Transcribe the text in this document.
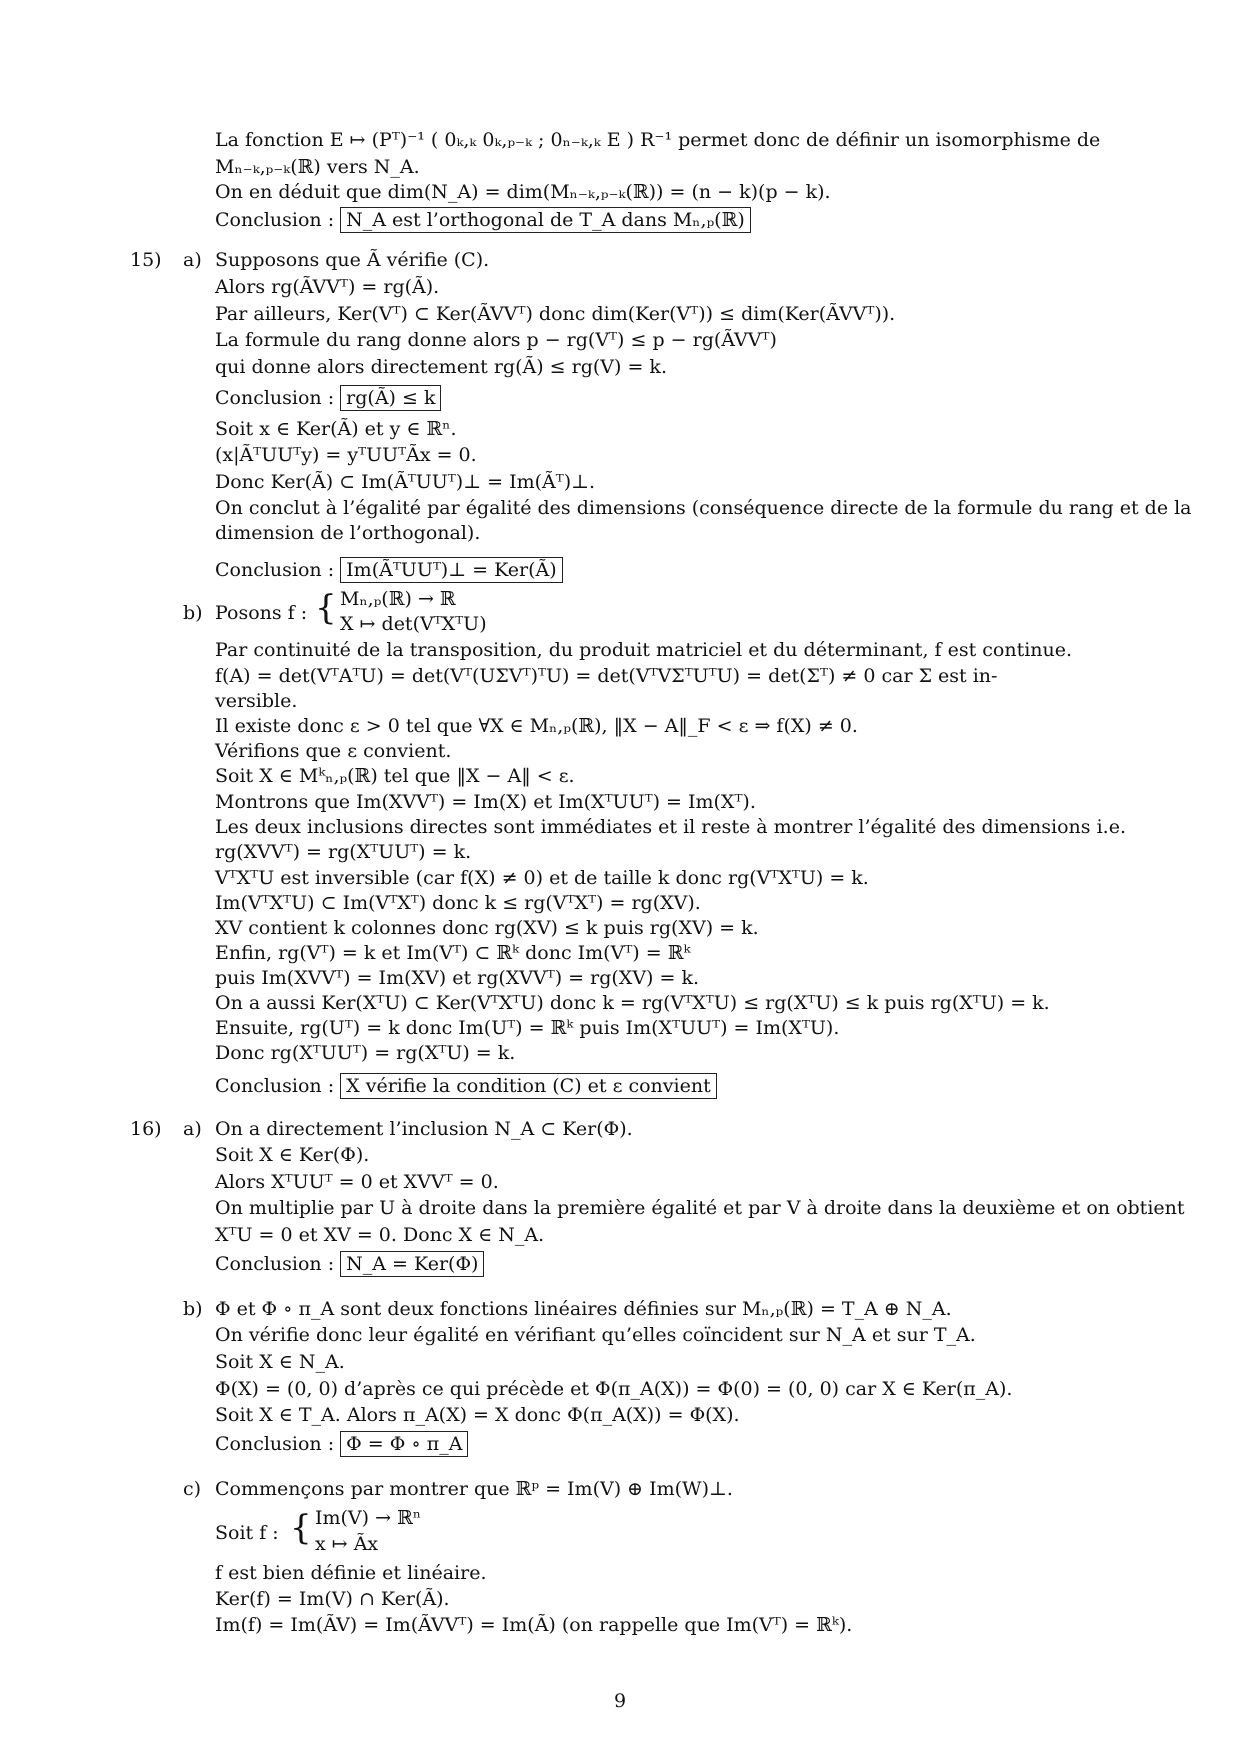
La fonction E ↦ (Pᵀ)⁻¹ ( 0ₖ,ₖ 0ₖ,ₚ₋ₖ ; 0ₙ₋ₖ,ₖ E ) R⁻¹ permet donc de définir un isomorphisme de
Mₙ₋ₖ,ₚ₋ₖ(ℝ) vers N_A.
On en déduit que dim(N_A) = dim(Mₙ₋ₖ,ₚ₋ₖ(ℝ)) = (n − k)(p − k).
Conclusion : N_A est l’orthogonal de T_A dans Mₙ,ₚ(ℝ)
15) a) Supposons que Ã vérifie (C).
Alors rg(ÃVVᵀ) = rg(Ã).
Par ailleurs, Ker(Vᵀ) ⊂ Ker(ÃVVᵀ) donc dim(Ker(Vᵀ)) ≤ dim(Ker(ÃVVᵀ)).
La formule du rang donne alors p − rg(Vᵀ) ≤ p − rg(ÃVVᵀ)
qui donne alors directement rg(Ã) ≤ rg(V) = k.
Conclusion : rg(Ã) ≤ k
Soit x ∈ Ker(Ã) et y ∈ ℝⁿ.
(x|ÃᵀUUᵀy) = yᵀUUᵀÃx = 0.
Donc Ker(Ã) ⊂ Im(ÃᵀUUᵀ)⊥ = Im(Ãᵀ)⊥.
On conclut à l’égalité par égalité des dimensions (conséquence directe de la formule du rang et de la
dimension de l’orthogonal).
Conclusion : Im(ÃᵀUUᵀ)⊥ = Ker(Ã)
b) Posons f : { Mₙ,ₚ(ℝ) → ℝ
X ↦ det(VᵀXᵀU)
Par continuité de la transposition, du produit matriciel et du déterminant, f est continue.
f(A) = det(VᵀAᵀU) = det(Vᵀ(UΣVᵀ)ᵀU) = det(VᵀVΣᵀUᵀU) = det(Σᵀ) ≠ 0 car Σ est in-
versible.
Il existe donc ε > 0 tel que ∀X ∈ Mₙ,ₚ(ℝ), ‖X − A‖_F < ε ⇒ f(X) ≠ 0.
Vérifions que ε convient.
Soit X ∈ Mᵏₙ,ₚ(ℝ) tel que ‖X − A‖ < ε.
Montrons que Im(XVVᵀ) = Im(X) et Im(XᵀUUᵀ) = Im(Xᵀ).
Les deux inclusions directes sont immédiates et il reste à montrer l’égalité des dimensions i.e.
rg(XVVᵀ) = rg(XᵀUUᵀ) = k.
VᵀXᵀU est inversible (car f(X) ≠ 0) et de taille k donc rg(VᵀXᵀU) = k.
Im(VᵀXᵀU) ⊂ Im(VᵀXᵀ) donc k ≤ rg(VᵀXᵀ) = rg(XV).
XV contient k colonnes donc rg(XV) ≤ k puis rg(XV) = k.
Enfin, rg(Vᵀ) = k et Im(Vᵀ) ⊂ ℝᵏ donc Im(Vᵀ) = ℝᵏ
puis Im(XVVᵀ) = Im(XV) et rg(XVVᵀ) = rg(XV) = k.
On a aussi Ker(XᵀU) ⊂ Ker(VᵀXᵀU) donc k = rg(VᵀXᵀU) ≤ rg(XᵀU) ≤ k puis rg(XᵀU) = k.
Ensuite, rg(Uᵀ) = k donc Im(Uᵀ) = ℝᵏ puis Im(XᵀUUᵀ) = Im(XᵀU).
Donc rg(XᵀUUᵀ) = rg(XᵀU) = k.
Conclusion : X vérifie la condition (C) et ε convient
16) a) On a directement l’inclusion N_A ⊂ Ker(Φ).
Soit X ∈ Ker(Φ).
Alors XᵀUUᵀ = 0 et XVVᵀ = 0.
On multiplie par U à droite dans la première égalité et par V à droite dans la deuxième et on obtient
XᵀU = 0 et XV = 0. Donc X ∈ N_A.
Conclusion : N_A = Ker(Φ)
b) Φ et Φ ∘ π_A sont deux fonctions linéaires définies sur Mₙ,ₚ(ℝ) = T_A ⊕ N_A.
On vérifie donc leur égalité en vérifiant qu’elles coïncident sur N_A et sur T_A.
Soit X ∈ N_A.
Φ(X) = (0, 0) d’après ce qui précède et Φ(π_A(X)) = Φ(0) = (0, 0) car X ∈ Ker(π_A).
Soit X ∈ T_A. Alors π_A(X) = X donc Φ(π_A(X)) = Φ(X).
Conclusion : Φ = Φ ∘ π_A
c) Commençons par montrer que ℝᵖ = Im(V) ⊕ Im(W)⊥.
Soit f : { Im(V) → ℝⁿ
x ↦ Ãx
f est bien définie et linéaire.
Ker(f) = Im(V) ∩ Ker(Ã).
Im(f) = Im(ÃV) = Im(ÃVVᵀ) = Im(Ã) (on rappelle que Im(Vᵀ) = ℝᵏ).
9
